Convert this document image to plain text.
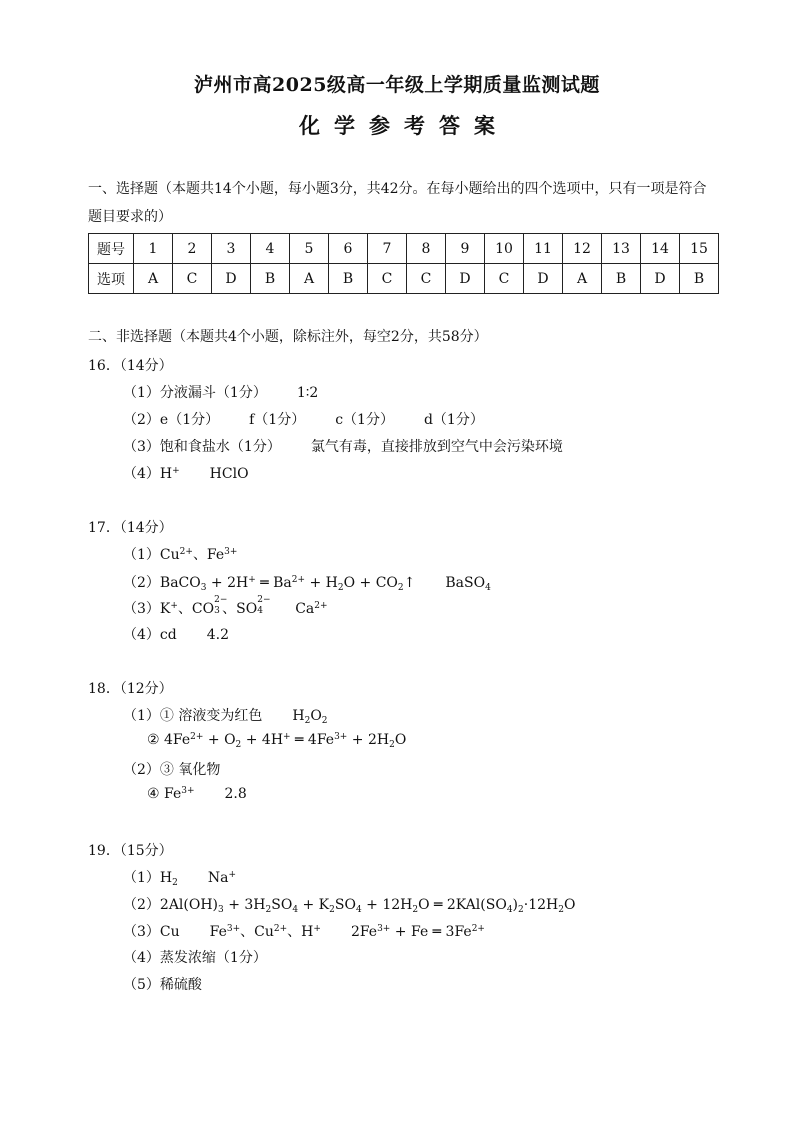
泸州市高2025级高一年级上学期质量监测试题
化学参考答案
一、选择题（本题共14个小题，每小题3分，共42分。在每小题给出的四个选项中，只有一项是符合题目要求的）
题号	1	2	3	4	5	6	7	8	9	10	11	12	13	14	15
选项	A	C	D	B	A	B	C	C	D	C	D	A	B	D	B
二、非选择题（本题共4个小题，除标注外，每空2分，共58分）
16．（14分）
（1）分液漏斗（1分） 1∶2
（2）e（1分） f（1分） c（1分） d（1分）
（3）饱和食盐水（1分） 氯气有毒，直接排放到空气中会污染环境
（4）H+ HClO
17．（14分）
$(1)Cu^{2+}$、$Fe^{3+}$
（2）BaCO$_3$ + 2H+ ═ $Ba^{2+} + H_2O$ + $CO_2↑$ BaSO$_4$
（3）K+、CO
2−
3 、SO
2−
4 $Ca^{2+}$
（4）cd 4.2
18．（12分）
（1）① 溶液变为红色 $H_2O_2$
② $4Fe^{2+} + O_2 + 4H^+$ ═ $4Fe^{3+} + 2H_2O$
（2）③ 氧化物
④ $Fe^{3+}$ 2.8
19．（15分）
$(1)H_2$ Na+
$(2)2Al(OH)_3 + 3H_2SO_4 + K_2SO_4 + 12H_2O$ ═ $2KAl(SO_4)_2\cdot 12H_2O$
（3）Cu $Fe^{3+}$、$Cu^{2+}$、H+ $2Fe^{3+} + Fe$ ═ $3Fe^{2+}$
（4）蒸发浓缩（1分）
（5）稀硫酸
